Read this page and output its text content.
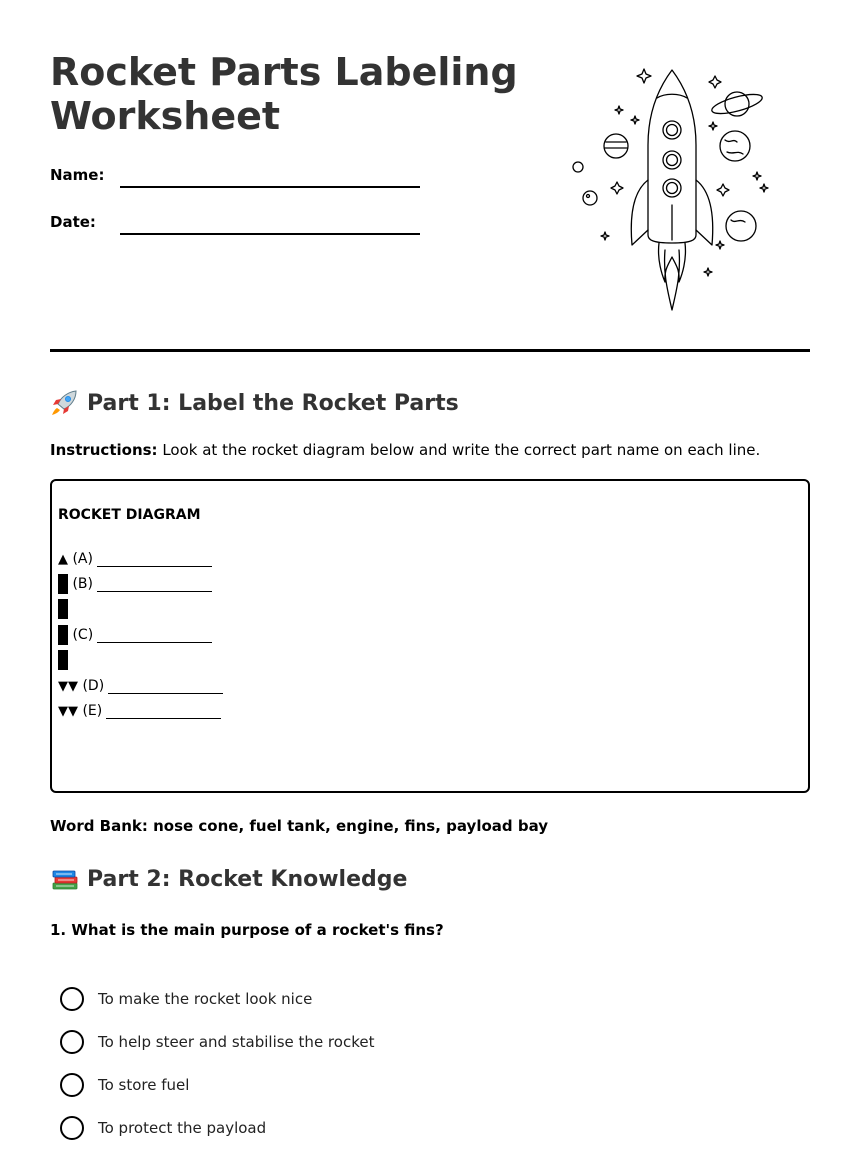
Rocket Parts Labeling
Worksheet
Name:
Date:
Part 1: Label the Rocket Parts
Instructions: Look at the rocket diagram below and write the correct part name on each line.
ROCKET DIAGRAM
▲
(A)

(B)

(C)
▼▼
(D)
▼▼
(E)
Word Bank: nose cone, fuel tank, engine, fins, payload bay
Part 2: Rocket Knowledge
1. What is the main purpose of a rocket's fins?
To make the rocket look nice
To help steer and stabilise the rocket
To store fuel
To protect the payload
